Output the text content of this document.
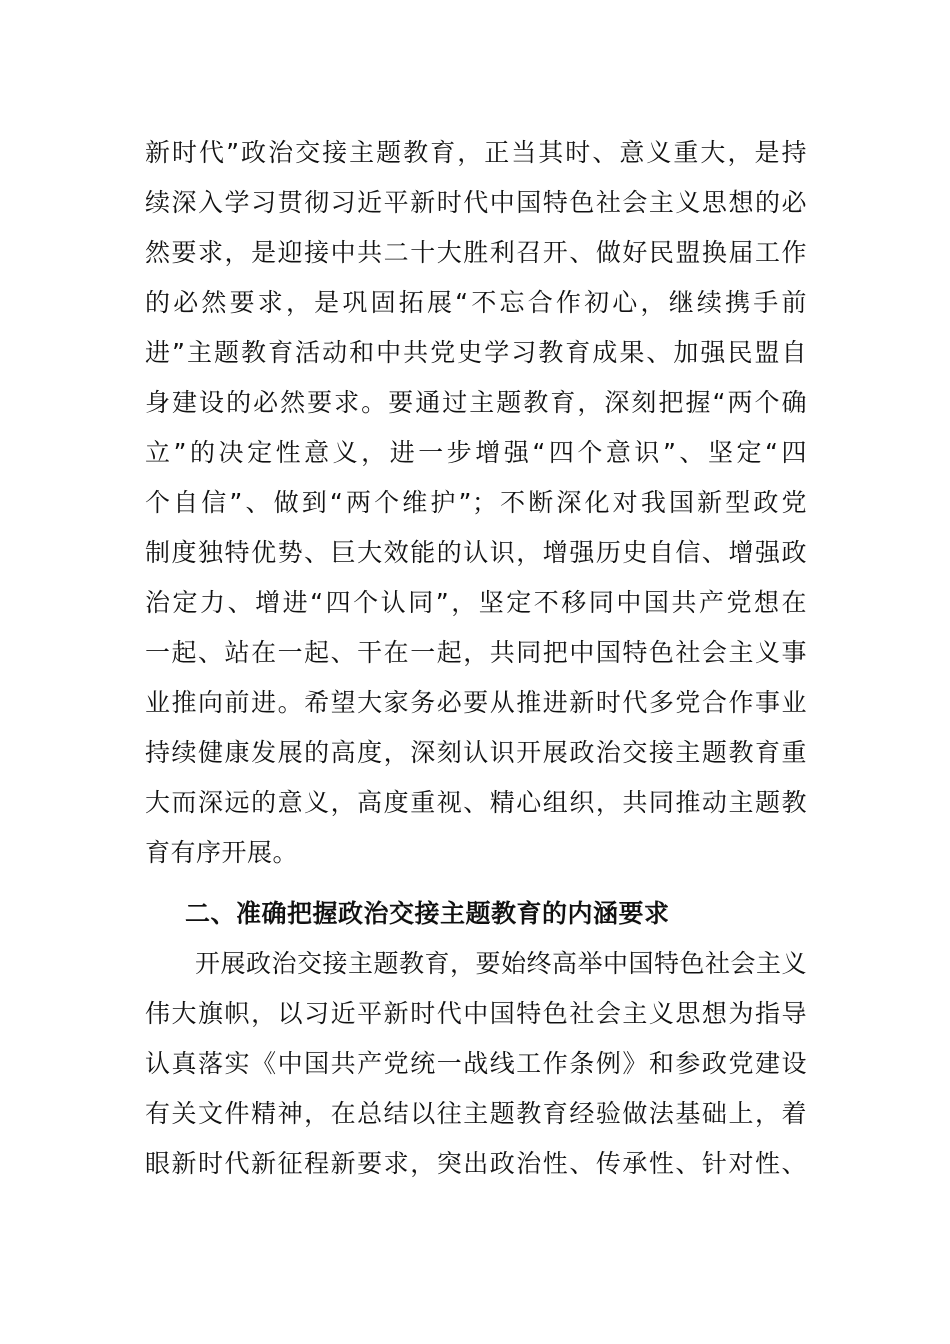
新时代”政治交接主题教育，正当其时、意义重大，是持
续深入学习贯彻习近平新时代中国特色社会主义思想的必
然要求，是迎接中共二十大胜利召开、做好民盟换届工作
的必然要求，是巩固拓展“不忘合作初心，继续携手前
进”主题教育活动和中共党史学习教育成果、加强民盟自
身建设的必然要求。要通过主题教育，深刻把握“两个确
立”的决定性意义，进一步增强“四个意识”、坚定“四
个自信”、做到“两个维护”；不断深化对我国新型政党
制度独特优势、巨大效能的认识，增强历史自信、增强政
治定力、增进“四个认同”，坚定不移同中国共产党想在
一起、站在一起、干在一起，共同把中国特色社会主义事
业推向前进。希望大家务必要从推进新时代多党合作事业
持续健康发展的高度，深刻认识开展政治交接主题教育重
大而深远的意义，高度重视、精心组织，共同推动主题教
育有序开展。
二、准确把握政治交接主题教育的内涵要求
开展政治交接主题教育，要始终高举中国特色社会主义
伟大旗帜，以习近平新时代中国特色社会主义思想为指导
认真落实《中国共产党统一战线工作条例》和参政党建设
有关文件精神，在总结以往主题教育经验做法基础上，着
眼新时代新征程新要求，突出政治性、传承性、针对性、
